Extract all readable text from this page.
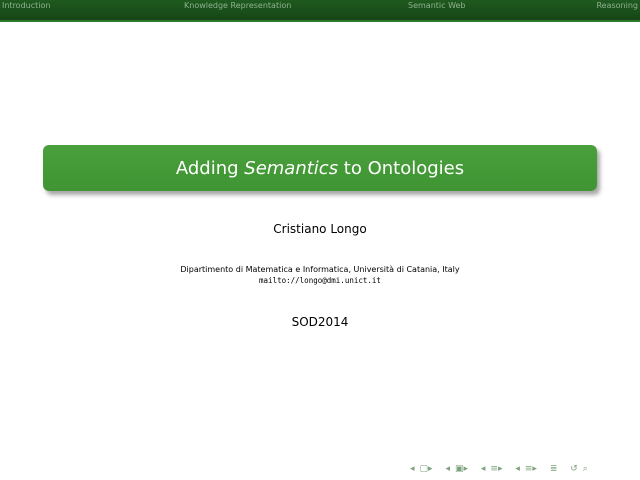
Introduction	Knowledge Representation	Semantic Web	Reasoning
Adding Semantics to Ontologies
Cristiano Longo
Dipartimento di Matematica e Informatica, Università di Catania, Italy
mailto://longo@dmi.unict.it
SOD2014
◂ ▢▸ ◂ ▣▸ ◂ ≡▸ ◂ ≡▸ ≣ ↺ ⌕
